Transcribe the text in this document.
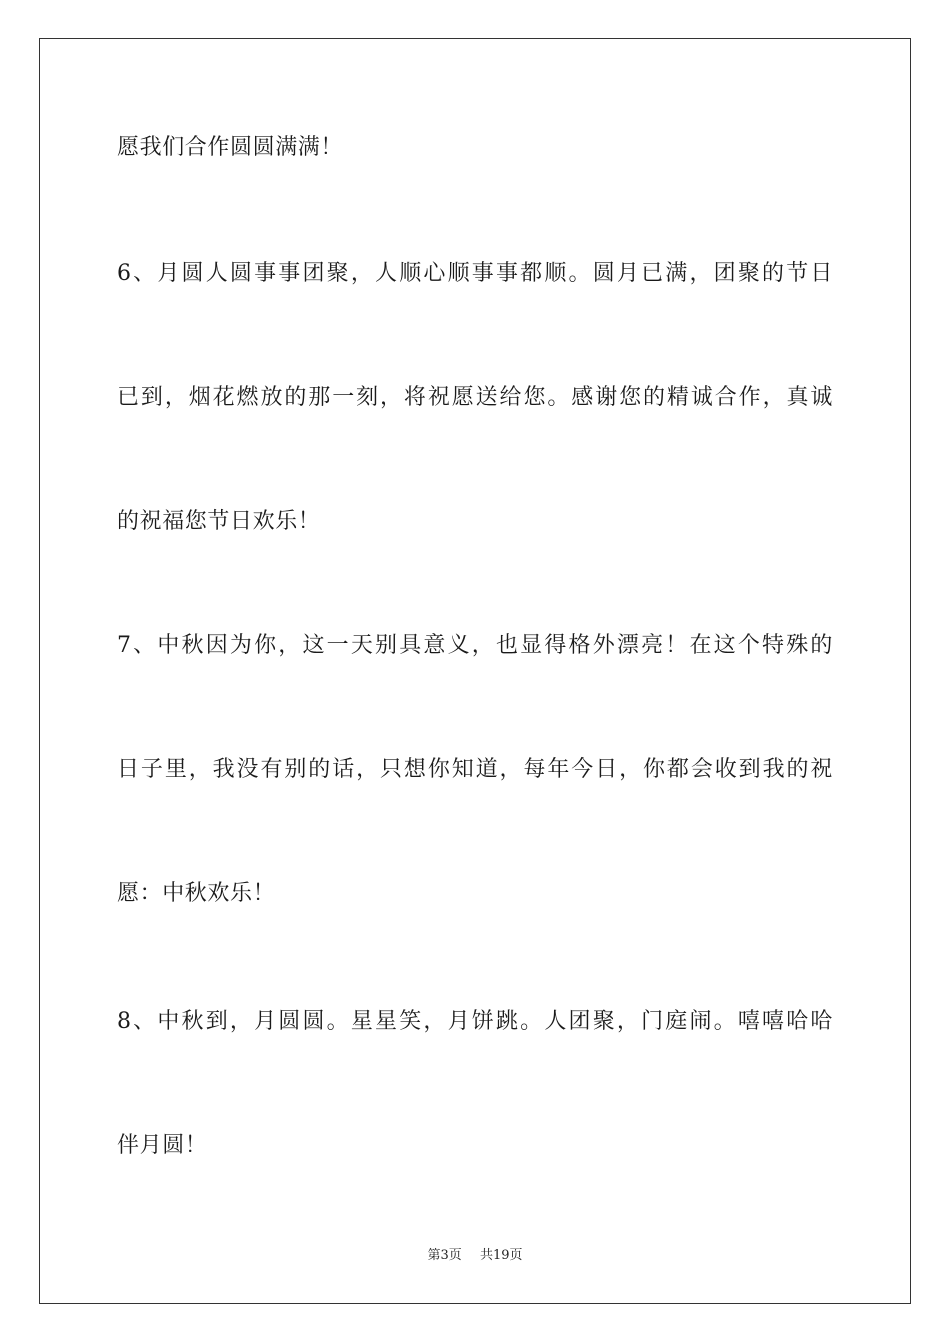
愿我们合作圆圆满满！
6、月圆人圆事事团聚，人顺心顺事事都顺。圆月已满，团聚的节日
已到，烟花燃放的那一刻，将祝愿送给您。感谢您的精诚合作，真诚
的祝福您节日欢乐！
7、中秋因为你，这一天别具意义，也显得格外漂亮！在这个特殊的
日子里，我没有别的话，只想你知道，每年今日，你都会收到我的祝
愿：中秋欢乐！
8、中秋到，月圆圆。星星笑，月饼跳。人团聚，门庭闹。嘻嘻哈哈
伴月圆！
第3页 共19页
